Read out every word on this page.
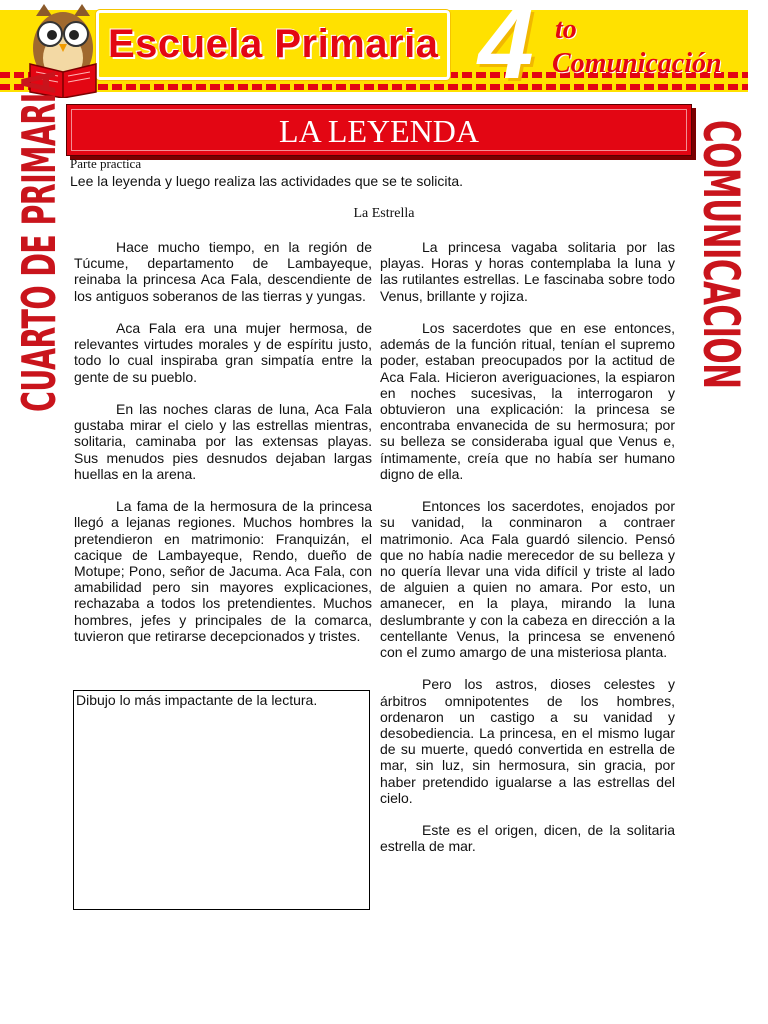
Escuela Primaria 4 to
Comunicación
CUARTO DE PRIMARIA	COMUNICACION
LA LEYENDA
Parte practica
Lee la leyenda y luego realiza las actividades que se te solicita.
La Estrella

Hace mucho tiempo, en la región de Túcume, departamento de Lambayeque, reinaba la princesa Aca Fala, descendiente de los antiguos soberanos de las tierras y yungas.

Aca Fala era una mujer hermosa, de relevantes virtudes morales y de espíritu justo, todo lo cual inspiraba gran simpatía entre la gente de su pueblo.

En las noches claras de luna, Aca Fala gustaba mirar el cielo y las estrellas mientras, solitaria, caminaba por las extensas playas. Sus menudos pies desnudos dejaban largas huellas en la arena.

La fama de la hermosura de la princesa llegó a lejanas regiones. Muchos hombres la pretendieron en matrimonio: Franquizán, el cacique de Lambayeque, Rendo, dueño de Motupe; Pono, señor de Jacuma. Aca Fala, con amabilidad pero sin mayores explicaciones, rechazaba a todos los pretendientes. Muchos hombres, jefes y principales de la comarca, tuvieron que retirarse decepcionados y tristes.

La princesa vagaba solitaria por las playas. Horas y horas contemplaba la luna y las rutilantes estrellas. Le fascinaba sobre todo Venus, brillante y rojiza.

Los sacerdotes que en ese entonces, además de la función ritual, tenían el supremo poder, estaban preocupados por la actitud de Aca Fala. Hicieron averiguaciones, la espiaron en noches sucesivas, la interrogaron y obtuvieron una explicación: la princesa se encontraba envanecida de su hermosura; por su belleza se consideraba igual que Venus e, íntimamente, creía que no había ser humano digno de ella.

Entonces los sacerdotes, enojados por su vanidad, la conminaron a contraer matrimonio. Aca Fala guardó silencio. Pensó que no había nadie merecedor de su belleza y no quería llevar una vida difícil y triste al lado de alguien a quien no amara. Por esto, un amanecer, en la playa, mirando la luna deslumbrante y con la cabeza en dirección a la centellante Venus, la princesa se envenenó con el zumo amargo de una misteriosa planta.

Pero los astros, dioses celestes y árbitros omnipotentes de los hombres, ordenaron un castigo a su vanidad y desobediencia. La princesa, en el mismo lugar de su muerte, quedó convertida en estrella de mar, sin luz, sin hermosura, sin gracia, por haber pretendido igualarse a las estrellas del cielo.

Este es el origen, dicen, de la solitaria estrella de mar.

Dibujo lo más impactante de la lectura.
